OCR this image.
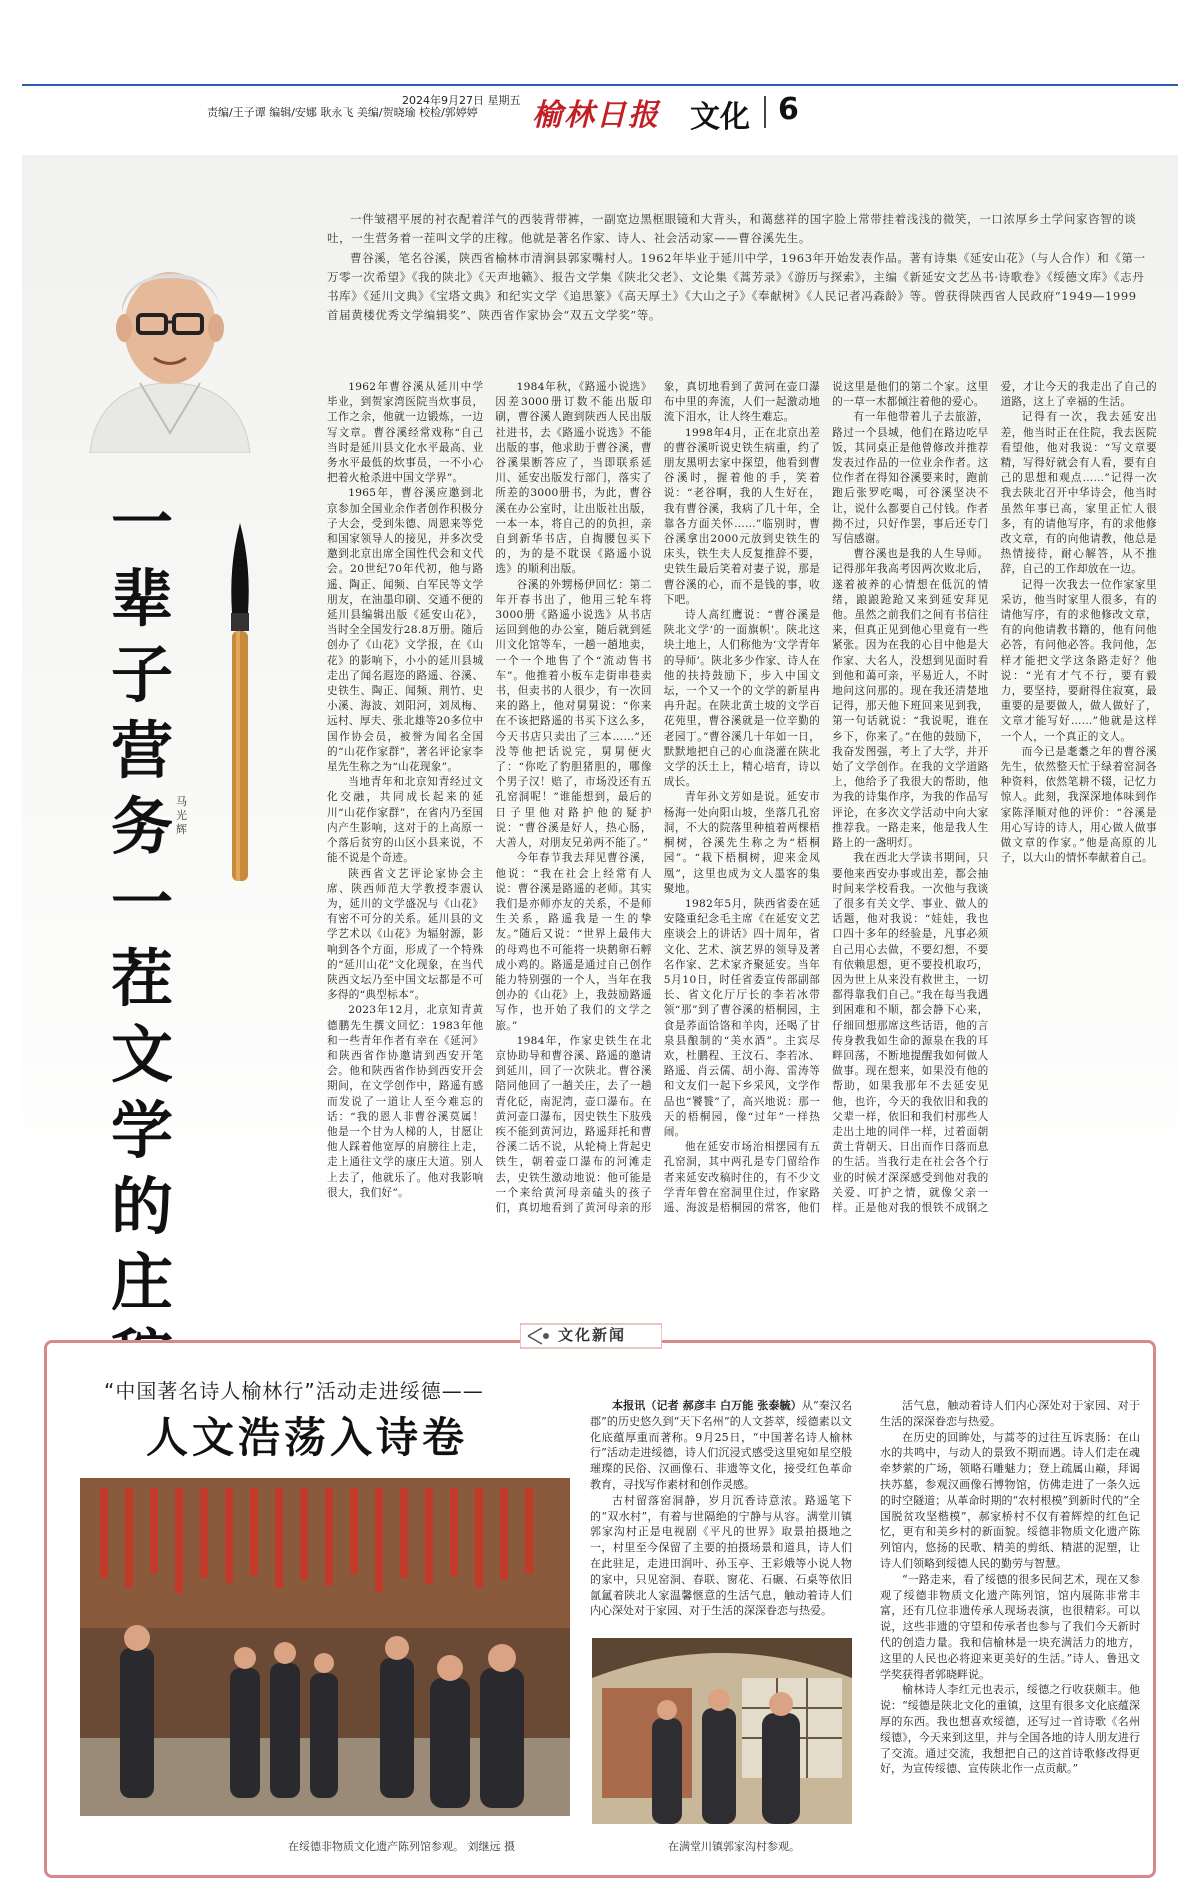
责编/王子谭 编辑/安娜 耿永飞 美编/贺晓瑜 校检/郭婷婷
2024年9月27日 星期五 榆林日报 文化 6
一辈子营务一茬文学的庄
马光辉

一件皱褶平展的衬衣配着洋气的西装背带裤，一副宽边黑框眼镜和大背头，和蔼慈祥的国字脸上常带挂着浅浅的微笑，一口浓厚乡土学问家咨智的谈吐，一生营务着一茬叫文学的庄稼。他就是著名作家、诗人、社会活动家——曹谷溪先生。

曹谷溪，笔名谷溪，陕西省榆林市清涧县郭家嘴村人。1962年毕业于延川中学，1963年开始发表作品。著有诗集《延安山花》（与人合作）和《第一万零一次希望》《我的陕北》《天声地籁》、报告文学集《陕北父老》、文论集《蒿芳录》《游历与探索》，主编《新延安文艺丛书·诗歌卷》《绥德文库》《志丹书库》《延川文典》《宝塔文典》和纪实文学《追思篆》《高天厚土》《大山之子》《奉献树》《人民记者冯森龄》等。曾获得陕西省人民政府“1949—1999首届黄楼优秀文学编辑奖”、陕西省作家协会“双五文学奖”等。

1962年曹谷溪从延川中学毕业，到贺家湾医院当炊事员，工作之余，他就一边锻炼，一边写文章。曹谷溪经常戏称“自己当时是延川县文化水平最高、业务水平最低的炊事员，一不小心把着火枪杀进中国文学界”。

1965年，曹谷溪应邀到北京参加全国业余作者创作积极分子大会，受到朱德、周恩来等党和国家领导人的接见，并多次受邀到北京出席全国性代会和文代会。20世纪70年代初，他与路遥、陶正、闻频、白军民等文学朋友，在油墨印刷、交通不便的延川县编辑出版《延安山花》，当时全全国发行28.8万册。随后创办了《山花》文学报，在《山花》的影响下，小小的延川县城走出了闻名遐迩的路遥、谷溪、史铁生、陶正、闻频、荆竹、史小溪、海波、刘阳河，刘凤梅、远村、厚夫、张北雄等20多位中国作协会员，被誉为闻名全国的“山花作家群”，著名评论家李星先生称之为“山花现象”。

当地青年和北京知青经过文化交融，共同成长起来的延川“山花作家群”，在省内乃至国内产生影响，这对于的上高原一个落后贫穷的山区小县来说，不能不说是个奇迹。

陕西省文艺评论家协会主席、陕西师范大学教授李震认为，延川的文学盛况与《山花》有密不可分的关系。延川县的文学艺术以《山花》为辐射源，影响到各个方面，形成了一个特殊的“延川山花”文化现象，在当代陕西文坛乃至中国文坛都是不可多得的“典型标本”。

2023年12月，北京知青黄德鹏先生撰文回忆：1983年他和一些青年作者有幸在《延河》和陕西省作协邀请到西安开笔会。他和陕西省作协到西安开会期间，在文学创作中，路遥有感而发说了一道让人至今难忘的话：“我的恩人非曹谷溪莫属！他是一个甘为人梯的人，甘愿让他人踩着他宽厚的肩膀往上走，走上通往文学的康庄大道。别人上去了，他就乐了。他对我影响很大，我们好”。

1984年秋，《路遥小说选》因差3000册订数不能出版印刷，曹谷溪人跑到陕西人民出版社进书，去《路遥小说选》不能出版的事，他求助于曹谷溪，曹谷溪果断答应了，当即联系延川、延安出版发行部门，落实了所差的3000册书，为此，曹谷溪在办公室时，让出版社出版，一本一本，将自己的的负担，亲自到新华书店，自掏腰包买下的，为的是不耽误《路遥小说选》的顺利出版。

谷溪的外甥杨伊回忆：第二年开春书出了，他用三轮车将3000册《路遥小说选》从书店运回到他的办公室，随后就到延川文化馆等车，一趟一趟地卖，一个一个地售了个“流动售书车”。他推着小板车走街串巷卖书，但卖书的人很少，有一次回来的路上，他对舅舅说：“你来在不该把路遥的书买下这么多，今天书店只卖出了三本……”还没等他把话说完，舅舅便火了：“你吃了豹胆猪胆的，哪像个男子汉！赔了，市场没还有五孔窑洞呢！”谁能想到，最后的日子里他对路护他的疑护说：“曹谷溪是好人，热心肠，大善人，对朋友兄弟两不能了。”

今年春节我去拜见曹谷溪，他说：“我在社会上经常有人说：曹谷溪是路遥的老师。其实我们是亦师亦友的关系，不是师生关系，路遥我是一生的挚友。”随后又说：“世界上最伟大的母鸡也不可能将一块鹅卵石孵成小鸡的。路遥是通过自己创作能力特别强的一个人，当年在我创办的《山花》上，我鼓励路遥写作，也开始了我们的文学之旅。”

1984年，作家史铁生在北京协助导和曹谷溪、路遥的邀请到延川，回了一次陕北。曹谷溪陪同他回了一趟关庄，去了一趟青化砭，南泥湾，壶口瀑布。在黄河壶口瀑布，因史铁生下肢残疾不能到黄河边，路遥拜托和曹谷溪二话不说，从轮椅上背起史铁生，朝着壶口瀑布的河滩走去，史铁生激动地说：他可能是一个来给黄河母亲磕头的孩子们，真切地看到了黄河母亲的形象，真切地看到了黄河在壶口瀑布中里的奔流，人们一起激动地流下泪水，让人终生难忘。

1998年4月，正在北京出差的曹谷溪听说史铁生病重，约了朋友黑明去家中探望，他看到曹谷溪时，握着他的手，笑着说：“老谷啊，我的人生好在，我有曹谷溪，我病了几十年，全靠各方面关怀……”临别时，曹谷溪拿出2000元放到史铁生的床头，铁生夫人反复推辞不要，史铁生最后笑着对妻子说，那是曹谷溪的心，而不是钱的事，收下吧。

诗人高红鹰说：“曹谷溪是陕北文学‘的一面旗帜’。陕北这块土地上，人们称他为‘文学青年的导师’。陕北多少作家、诗人在他的扶持鼓励下，步入中国文坛，一个又一个的文学的新星冉冉升起。在陕北黄土坡的文学百花苑里，曹谷溪就是一位辛勤的老园丁。”曹谷溪几十年如一日，默默地把自己的心血浇灌在陕北文学的沃土上，精心培育，诗以成长。

青年孙文芳如是说。延安市杨海一处向阳山坡，坐落几孔窑洞，不大的院落里种植着两棵梧桐树，谷溪先生称之为“梧桐园”。“栽下梧桐树，迎来金凤凰”，这里也成为文人墨客的集聚地。

1982年5月，陕西省委在延安隆重纪念毛主席《在延安文艺座谈会上的讲话》四十周年，省文化、艺术、演艺界的领导及著名作家、艺术家齐聚延安。当年5月10日，时任省委宣传部副部长、省文化厅厅长的李若冰带领“那”到了曹谷溪的梧桐园，主食是荞面饸饹和羊肉，还喝了甘泉县酿制的“美水酒”。主宾尽欢，杜鹏程、王汶石、李若冰、路遥、肖云儒、胡小海、雷涛等和文友们一起下乡采风，文学作品也“饕餮”了，高兴地说：那一天的梧桐园，像“过年”一样热闹。

他在延安市场治相摆园有五孔窑洞，其中两孔是专门留给作者来延安改稿时住的，有不少文学青年曾在窑洞里住过，作家路遥、海波是梧桐园的常客，他们说这里是他们的第二个家。这里的一草一木都倾注着他的爱心。

有一年他带着儿子去旅游，路过一个县城，他们在路边吃早饭，其同桌正是他曾修改并推荐发表过作品的一位业余作者。这位作者在得知谷溪要来时，跑前跑后张罗吃喝，可谷溪坚决不让，说什么都要自己付钱。作者拗不过，只好作罢，事后还专门写信感谢。

曹谷溪也是我的人生导师。记得那年我高考因两次败北后，遂着被养的心情想在低沉的情绪，踉踉跄跄又来到延安拜见他。虽然之前我们之间有书信往来，但真正见到他心里竟有一些紧张。因为在我的心目中他是大作家、大名人，没想到见面时看到他和蔼可亲，平易近人，不时地问这问那的。现在我还清楚地记得，那天他下班回来见到我，第一句话就说：“我说呢，谁在乡下，你来了。”在他的鼓励下，我奋发图强，考上了大学，并开始了文学创作。在我的文学道路上，他给予了我很大的帮助，他为我的诗集作序，为我的作品写评论，在多次文学活动中向大家推荐我。一路走来，他是我人生路上的一盏明灯。

我在西北大学读书期间，只要他来西安办事或出差，都会抽时间来学校看我。一次他与我谈了很多有关文学、事业、做人的话题，他对我说：“娃娃，我也口四十多年的经验是，凡事必须自己用心去做，不要幻想，不要有依赖思想，更不要投机取巧，因为世上从来没有救世主，一切都得靠我们自己。”我在每当我遇到困难和不顺，都会静下心来，仔细回想那席这些话语，他的言传身教我如生命的源泉在我的耳畔回荡，不断地提醒我如何做人做事。现在想来，如果没有他的帮助，如果我那年不去延安见他，也许，今天的我依旧和我的父辈一样，依旧和我们村那些人走出土地的同伴一样，过着面朝黄土背朝天、日出而作日落而息的生活。当我行走在社会各个行业的时候才深深感受到他对我的关爱、叮护之情，就像父亲一样。正是他对我的恨铁不成钢之爱，才让今天的我走出了自己的道路，这上了幸福的生活。

记得有一次，我去延安出差，他当时正在住院，我去医院看望他，他对我说：“写文章要精，写得好就会有人看，要有自己的思想和观点……”记得一次我去陕北召开中华诗会，他当时虽然年事已高，家里正忙人很多，有的请他写序，有的求他修改文章，有的向他请教，他总是热情接待，耐心解答，从不推辞，自己的工作却放在一边。

记得一次我去一位作家家里采访，他当时家里人很多，有的请他写序，有的求他修改文章，有的向他请教书籍的，他有问他必答，有问他必答。我问他，怎样才能把文学这条路走好？他说：“光有才气不行，要有毅力，要坚持，要耐得住寂寞，最重要的是要做人，做人做好了，文章才能写好……”他就是这样一个人，一个真正的文人。

而今已是耄耋之年的曹谷溪先生，依然整天忙于绿着窑洞各种资料，依然笔耕不辍，记忆力惊人。此刻，我深深地体味到作家陈泽顺对他的评价：“谷溪是用心写诗的诗人，用心做人做事做文章的作家。”他是高原的儿子，以大山的情怀奉献着自己。

文化新闻
“中国著名诗人榆林行”活动走进绥德——
人文浩荡入诗卷
在绥德非物质文化遗产陈列馆参观。 刘继远 摄

本报讯（记者 郝彦丰 白万能 张泰毓）从“秦汉名郡”的历史悠久到“天下名州”的人文荟萃，绥德素以文化底蕴厚重而著称。9月25日，“中国著名诗人榆林行”活动走进绥德，诗人们沉浸式感受这里宛如星空般璀璨的民俗、汉画像石、非遗等文化，接受红色革命教育，寻找写作素材和创作灵感。

古村留落窑洞静，岁月沉香诗意浓。路遥笔下的“双水村”，有着与世隔绝的宁静与从容。满堂川镇郭家沟村正是电视剧《平凡的世界》取景拍摄地之一，村里至今保留了主要的拍摄场景和道具，诗人们在此驻足，走进田润叶、孙玉亭、王彩娥等小说人物的家中，只见窑洞、春联、窗花、石碾、石桌等依旧氤氲着陕北人家温馨惬意的生活气息，触动着诗人们内心深处对于家园、对于生活的深深眷恋与热爱。

在满堂川镇郭家沟村参观。

活气息，触动着诗人们内心深处对于家园、对于生活的深深眷恋与热爱。

在历史的回眸处，与蒿苓的过往互诉衷肠：在山水的共鸣中，与动人的景致不期而遇。诗人们走在魂牵梦萦的广场，领略石雕魅力；登上疏属山巅，拜谒扶苏墓，参观汉画像石博物馆，仿佛走进了一条久远的时空隧道；从革命时期的“农村根模”到新时代的“全国脱贫攻坚楷模”，郝家桥村不仅有着辉煌的红色记忆，更有和美乡村的新面貌。绥德非物质文化遗产陈列馆内，悠扬的民歌、精美的剪纸、精湛的泥塑，让诗人们领略到绥德人民的勤劳与智慧。

“一路走来，看了绥德的很多民间艺术，现在又参观了绥德非物质文化遗产陈列馆，馆内展陈非常丰富，还有几位非遗传承人现场表演，也很精彩。可以说，这些非遗的守望和传承者也参与了我们今天新时代的创造力量。我和信榆林是一块充满活力的地方，这里的人民也必将迎来更美好的生活。”诗人、鲁迅文学奖获得者郭晓畔说。

榆林诗人李红元也表示，绥德之行收获颇丰。他说：“绥德是陕北文化的重镇，这里有很多文化底蕴深厚的东西。我也想喜欢绥德，还写过一首诗歌《名州绥德》，今天来到这里，并与全国各地的诗人朋友进行了交流。通过交流，我想把自己的这首诗歌修改得更好，为宣传绥德、宣传陕北作一点贡献。”
